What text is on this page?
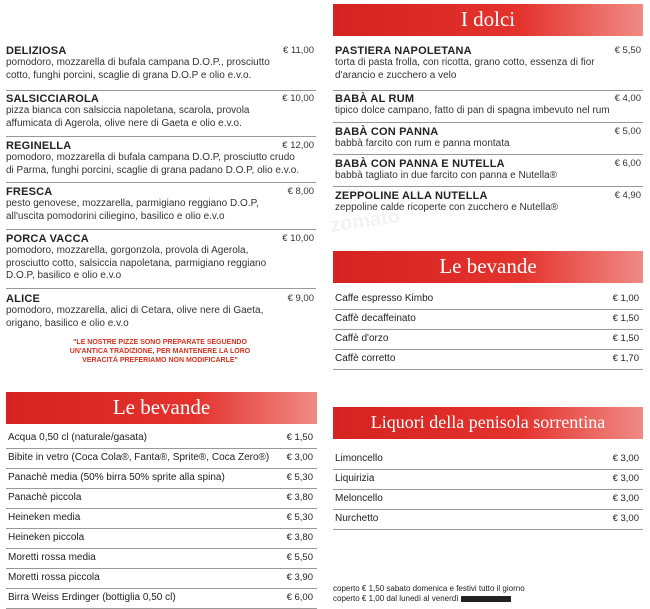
DELIZIOSA	€ 11,00
pomodoro, mozzarella di bufala campana D.O.P., prosciutto
cotto, funghi porcini, scaglie di grana D.O.P e olio e.v.o.
SALSICCIAROLA	€ 10,00
pizza bianca con salsiccia napoletana, scarola, provola
affumicata di Agerola, olive nere di Gaeta e olio e.v.o.
REGINELLA	€ 12,00
pomodoro, mozzarella di bufala campana D.O.P, prosciutto crudo
di Parma, funghi porcini, scaglie di grana padano D.O.P, olio e.v.o.
FRESCA	€ 8,00
pesto genovese, mozzarella, parmigiano reggiano D.O.P,
all'uscita pomodorini ciliegino, basilico e olio e.v.o
PORCA VACCA	€ 10,00
pomodoro, mozzarella, gorgonzola, provola di Agerola,
prosciutto cotto, salsiccia napoletana, parmigiano reggiano
D.O.P, basilico e olio e.v.o
ALICE	€ 9,00
pomodoro, mozzarella, alici di Cetara, olive nere di Gaeta,
origano, basilico e olio e.v.o
"LE NOSTRE PIZZE SONO PREPARATE SEGUENDO
UN'ANTICA TRADIZIONE, PER MANTENERE LA LORO
VERACITÀ PREFERIAMO NON MODIFICARLE"
Le bevande
Acqua 0,50 cl (naturale/gasata)	€ 1,50
Bibite in vetro (Coca Cola®, Fanta®, Sprite®, Coca Zero®) € 3,00
Panachè media (50% birra 50% sprite alla spina)	€ 5,30
Panachè piccola	€ 3,80
Heineken media	€ 5,30
Heineken piccola	€ 3,80
Moretti rossa media	€ 5,50
Moretti rossa piccola	€ 3,90
Birra Weiss Erdinger (bottiglia 0,50 cl)	€ 6,00
I dolci
PASTIERA NAPOLETANA	€ 5,50
torta di pasta frolla, con ricotta, grano cotto, essenza di fior
d'arancio e zucchero a velo
BABÀ AL RUM	€ 4,00
tipico dolce campano, fatto di pan di spagna imbevuto nel rum
BABÀ CON PANNA	€ 5,00
babbà farcito con rum e panna montata
BABÀ CON PANNA E NUTELLA	€ 6,00
babbà tagliato in due farcito con panna e Nutella®
ZEPPOLINE ALLA NUTELLA	€ 4,90
zeppoline calde ricoperte con zucchero e Nutella®
Le bevande
Caffe espresso Kimbo	€ 1,00
Caffè decaffeinato	€ 1,50
Caffè d'orzo	€ 1,50
Caffè corretto	€ 1,70
Liquori della penisola sorrentina
Limoncello	€ 3,00
Liquirizia	€ 3,00
Meloncello	€ 3,00
Nurchetto	€ 3,00
coperto € 1,50 sabato domenica e festivi tutto il giorno
coperto € 1,00 dal lunedì al venerdì
zomato
